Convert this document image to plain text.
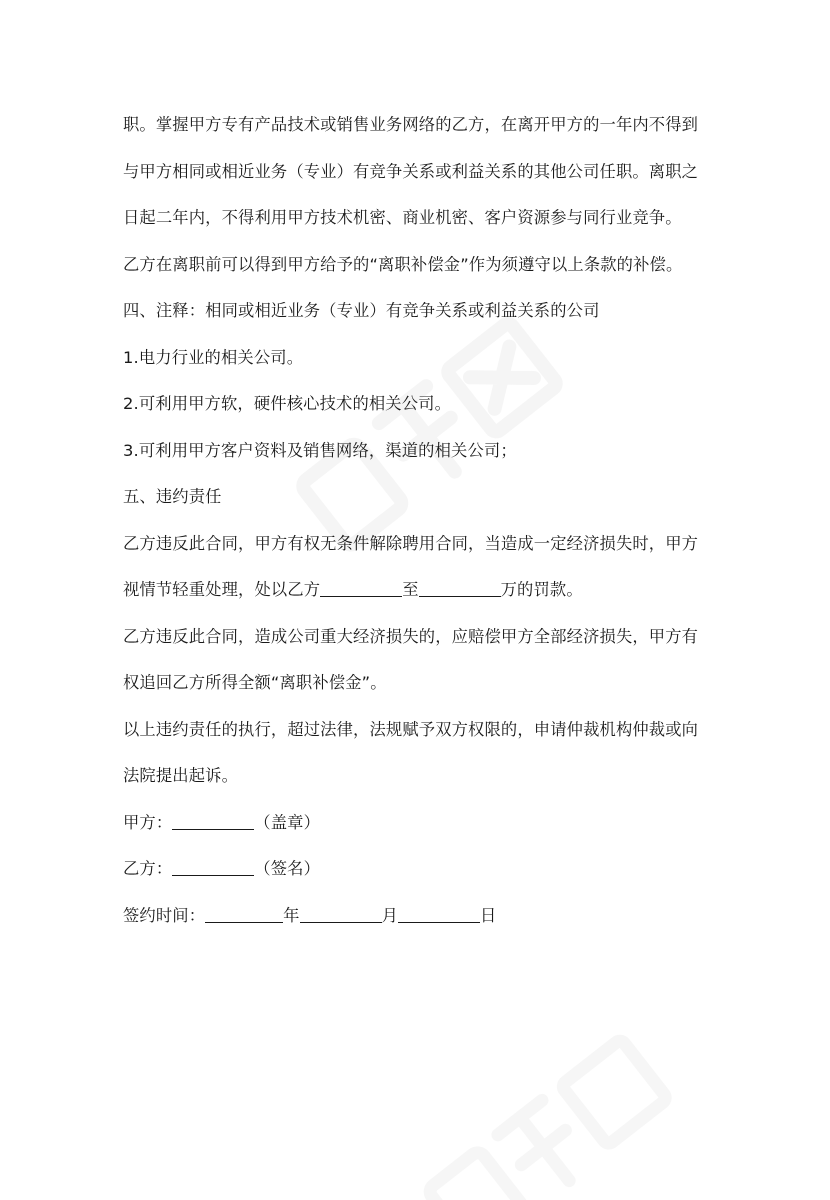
职。掌握甲方专有产品技术或销售业务网络的乙方，在离开甲方的一年内不得到
与甲方相同或相近业务（专业）有竞争关系或利益关系的其他公司任职。离职之
日起二年内，不得利用甲方技术机密、商业机密、客户资源参与同行业竞争。
乙方在离职前可以得到甲方给予的“离职补偿金”作为须遵守以上条款的补偿。
四、注释：相同或相近业务（专业）有竞争关系或利益关系的公司
1.电力行业的相关公司。
2.可利用甲方软，硬件核心技术的相关公司。
3.可利用甲方客户资料及销售网络，渠道的相关公司；
五、违约责任
乙方违反此合同，甲方有权无条件解除聘用合同，当造成一定经济损失时，甲方
视情节轻重处理，处以乙方	至	万的罚款。
乙方违反此合同，造成公司重大经济损失的，应赔偿甲方全部经济损失，甲方有
权追回乙方所得全额“离职补偿金”。
以上违约责任的执行，超过法律，法规赋予双方权限的，申请仲裁机构仲裁或向
法院提出起诉。
甲方：	（盖章）
乙方：	（签名）
签约时间：	年	月	日
